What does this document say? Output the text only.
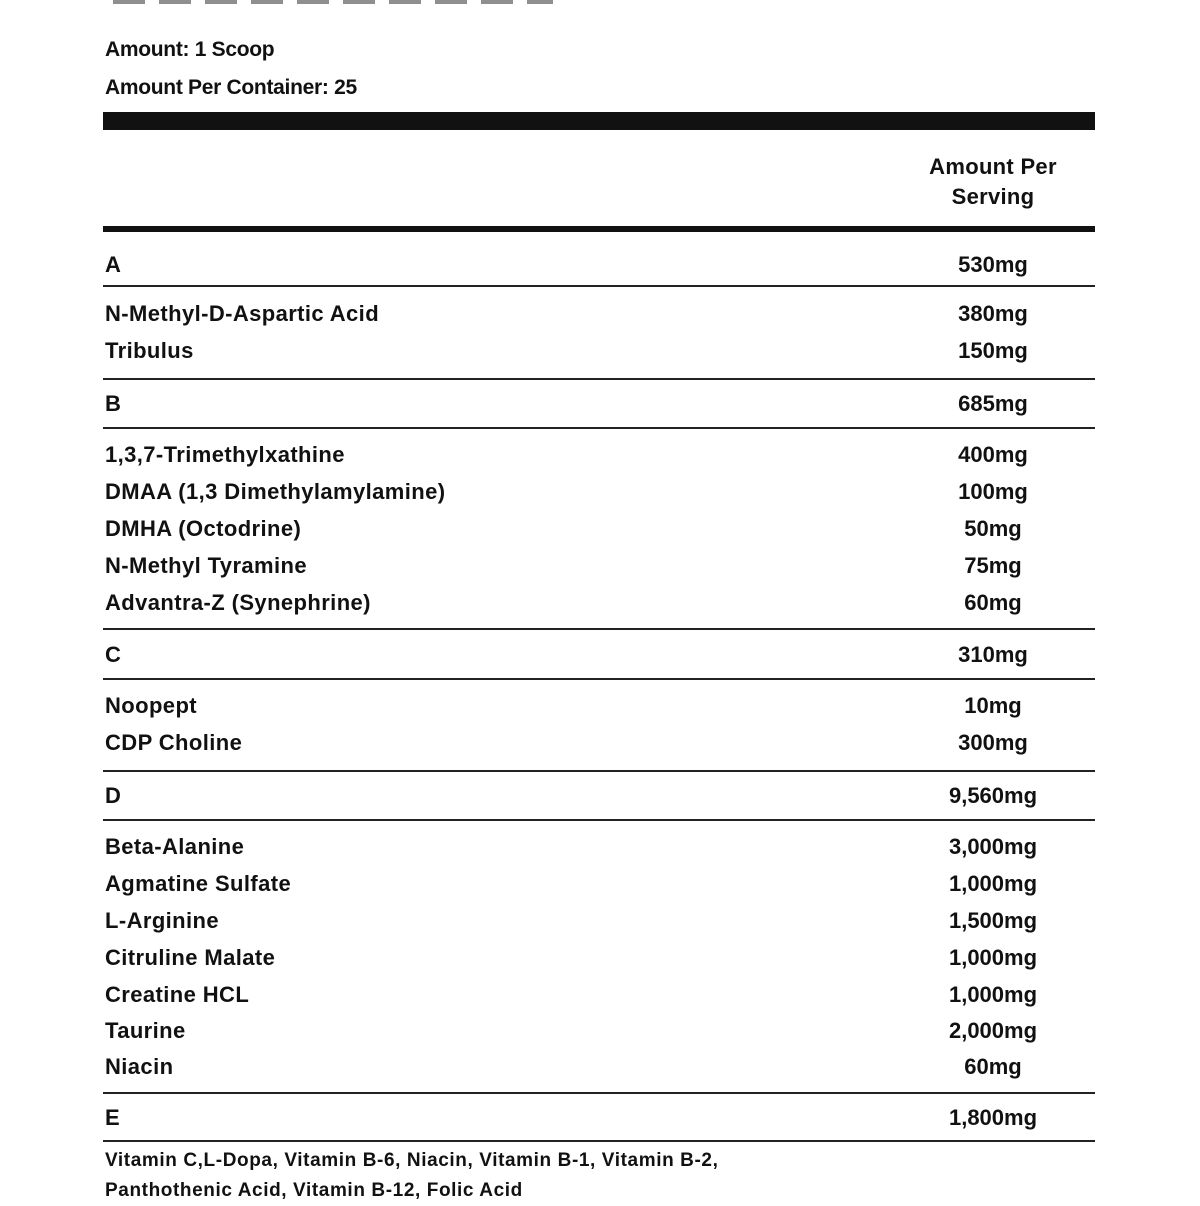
Amount: 1 Scoop
Amount Per Container: 25
Amount Per
Serving
A	530mg
N-Methyl-D-Aspartic Acid	380mg
Tribulus	150mg
B	685mg
1,3,7-Trimethylxathine	400mg
DMAA (1,3 Dimethylamylamine)	100mg
DMHA (Octodrine)	50mg
N-Methyl Tyramine	75mg
Advantra-Z (Synephrine)	60mg
C	310mg
Noopept	10mg
CDP Choline	300mg
D	9,560mg
Beta-Alanine	3,000mg
Agmatine Sulfate	1,000mg
L-Arginine	1,500mg
Citruline Malate	1,000mg
Creatine HCL	1,000mg
Taurine	2,000mg
Niacin	60mg
E	1,800mg
Vitamin C,L-Dopa, Vitamin B-6, Niacin, Vitamin B-1, Vitamin B-2,
Panthothenic Acid, Vitamin B-12, Folic Acid
